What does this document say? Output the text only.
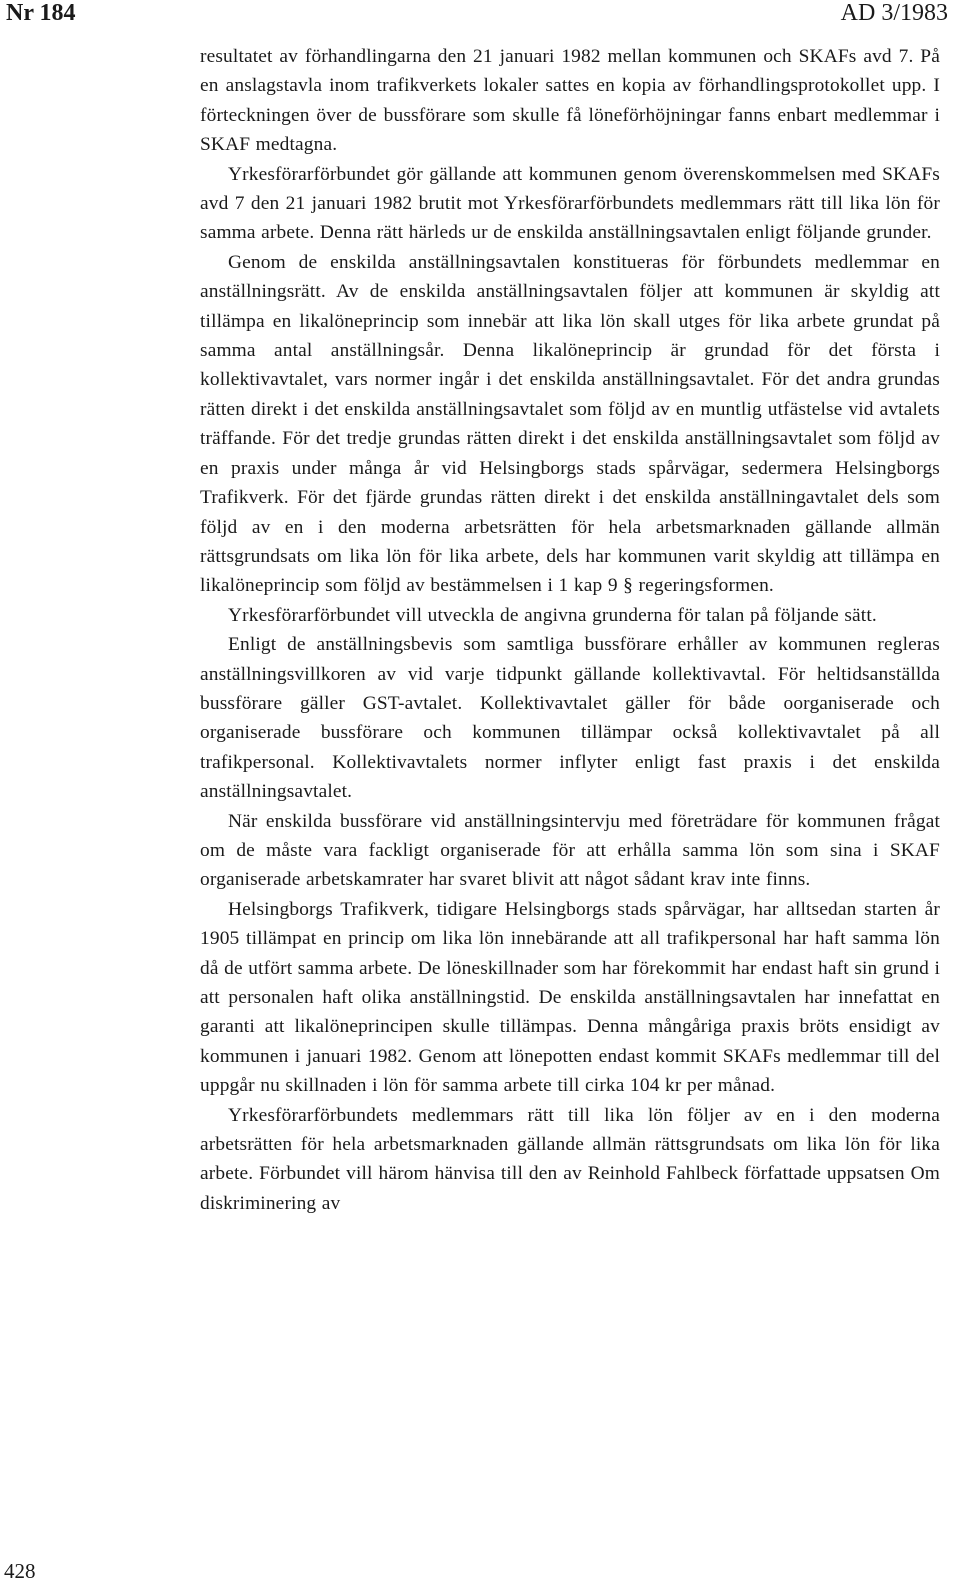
Nr 184	AD 3/1983

resultatet av förhandlingarna den 21 januari 1982 mellan kommunen och SKAFs avd 7. På en anslagstavla inom trafikverkets lokaler sattes en kopia av förhandlingsprotokollet upp. I förteckningen över de bussförare som skulle få löneförhöjningar fanns enbart medlemmar i SKAF medtagna.

Yrkesförarförbundet gör gällande att kommunen genom överenskommelsen med SKAFs avd 7 den 21 januari 1982 brutit mot Yrkesförarförbundets medlemmars rätt till lika lön för samma arbete. Denna rätt härleds ur de enskilda anställningsavtalen enligt följande grunder.

Genom de enskilda anställningsavtalen konstitueras för förbundets medlemmar en anställningsrätt. Av de enskilda anställningsavtalen följer att kommunen är skyldig att tillämpa en likalöneprincip som innebär att lika lön skall utges för lika arbete grundat på samma antal anställningsår. Denna likalöneprincip är grundad för det första i kollektivavtalet, vars normer ingår i det enskilda anställningsavtalet. För det andra grundas rätten direkt i det enskilda anställningsavtalet som följd av en muntlig utfästelse vid avtalets träffande. För det tredje grundas rätten direkt i det enskilda anställningsavtalet som följd av en praxis under många år vid Helsingborgs stads spårvägar, sedermera Helsingborgs Trafikverk. För det fjärde grundas rätten direkt i det enskilda anställningavtalet dels som följd av en i den moderna arbetsrätten för hela arbetsmarknaden gällande allmän rättsgrundsats om lika lön för lika arbete, dels har kommunen varit skyldig att tillämpa en likalöneprincip som följd av bestämmelsen i 1 kap 9 § regeringsformen.

Yrkesförarförbundet vill utveckla de angivna grunderna för talan på följande sätt.

Enligt de anställningsbevis som samtliga bussförare erhåller av kommunen regleras anställningsvillkoren av vid varje tidpunkt gällande kollektivavtal. För heltidsanställda bussförare gäller GST-avtalet. Kollektivavtalet gäller för både oorganiserade och organiserade bussförare och kommunen tillämpar också kollektivavtalet på all trafikpersonal. Kollektivavtalets normer inflyter enligt fast praxis i det enskilda anställningsavtalet.

När enskilda bussförare vid anställningsintervju med företrädare för kommunen frågat om de måste vara fackligt organiserade för att erhålla samma lön som sina i SKAF organiserade arbetskamrater har svaret blivit att något sådant krav inte finns.

Helsingborgs Trafikverk, tidigare Helsingborgs stads spårvägar, har alltsedan starten år 1905 tillämpat en princip om lika lön innebärande att all trafikpersonal har haft samma lön då de utfört samma arbete. De löneskillnader som har förekommit har endast haft sin grund i att personalen haft olika anställningstid. De enskilda anställningsavtalen har innefattat en garanti att likalöneprincipen skulle tillämpas. Denna mångåriga praxis bröts ensidigt av kommunen i januari 1982. Genom att lönepotten endast kommit SKAFs medlemmar till del uppgår nu skillnaden i lön för samma arbete till cirka 104 kr per månad.

Yrkesförarförbundets medlemmars rätt till lika lön följer av en i den moderna arbetsrätten för hela arbetsmarknaden gällande allmän rättsgrundsats om lika lön för lika arbete. Förbundet vill härom hänvisa till den av Reinhold Fahlbeck författade uppsatsen Om diskriminering av

428
